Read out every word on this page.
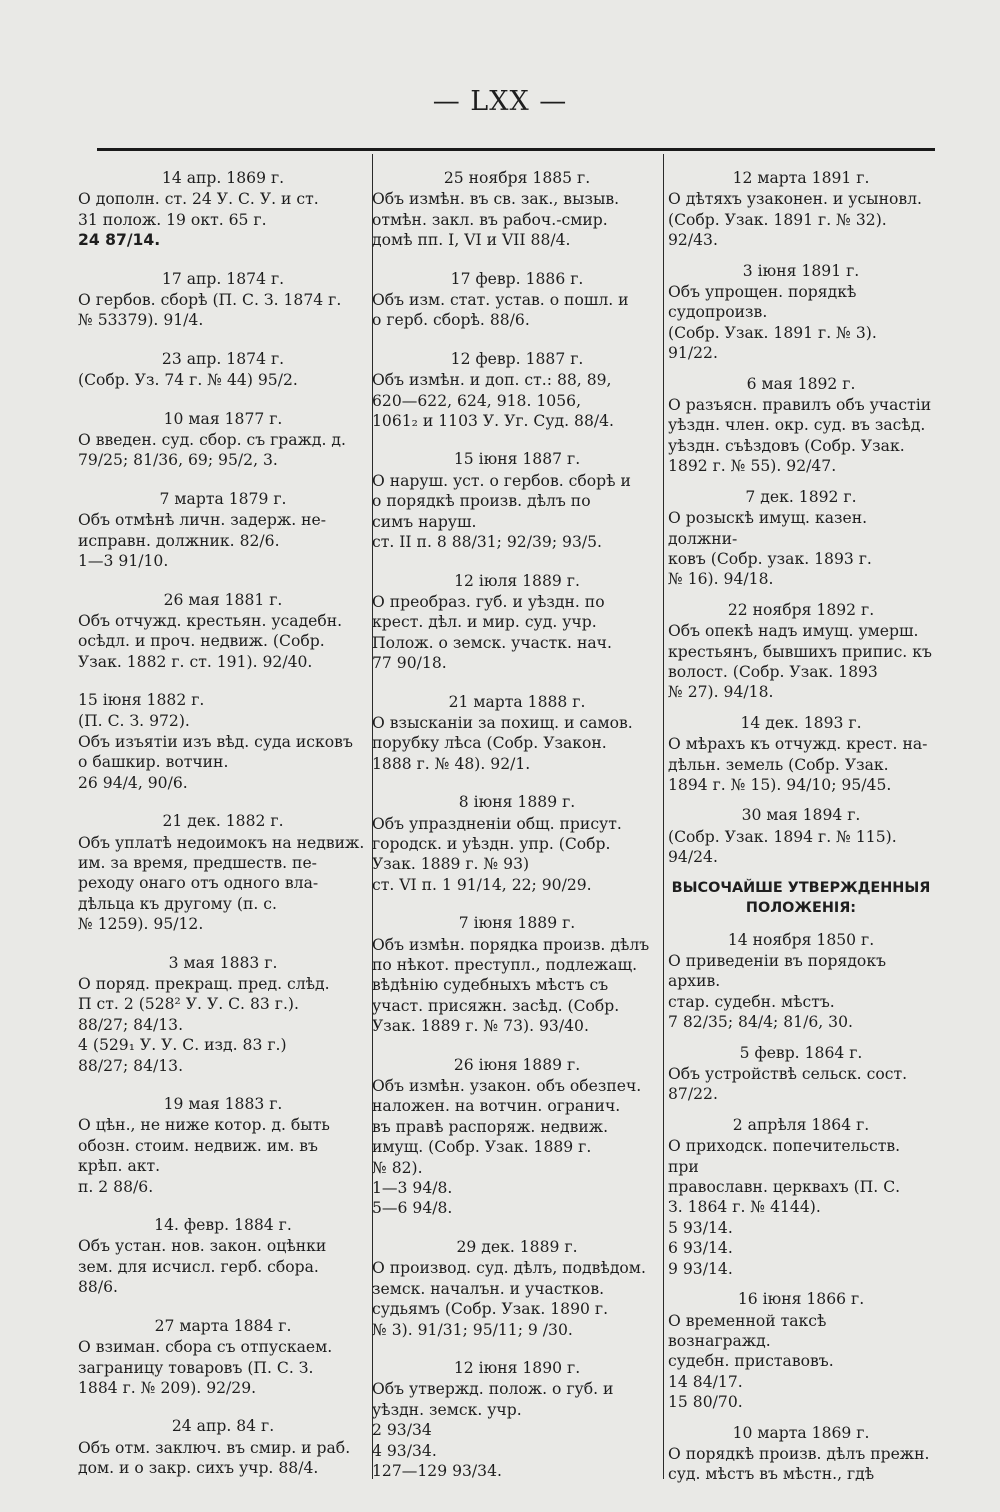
— LXX —
14 апр. 1869 г.
О дополн. ст. 24 У. С. У. и ст.
31 полож. 19 окт. 65 г.
24 87/14.
17 апр. 1874 г.
О гербов. сборѣ (П. С. З. 1874 г.
№ 53379). 91/4.
23 апр. 1874 г.
(Собр. Уз. 74 г. № 44) 95/2.
10 мая 1877 г.
О введен. суд. сбор. съ гражд. д.
79/25; 81/36, 69; 95/2, 3.
7 марта 1879 г.
Объ отмѣнѣ личн. задерж. не-
исправн. должник. 82/6.
1—3 91/10.
26 мая 1881 г.
Объ отчужд. крестьян. усадебн.
осѣдл. и проч. недвиж. (Собр.
Узак. 1882 г. ст. 191). 92/40.
15 іюня 1882 г.
(П. С. З. 972).
Объ изъятіи изъ вѣд. суда исковъ
о башкир. вотчин.
26 94/4, 90/6.
21 дек. 1882 г.
Объ уплатѣ недоимокъ на недвиж.
им. за время, предшеств. пе-
реходу онаго отъ одного вла-
дѣльца къ другому (п. с.
№ 1259). 95/12.
3 мая 1883 г.
О поряд. прекращ. пред. слѣд.
П ст. 2 (528² У. У. С. 83 г.).
88/27; 84/13.
4 (529₁ У. У. С. изд. 83 г.)
88/27; 84/13.
19 мая 1883 г.
О цѣн., не ниже котор. д. быть
обозн. стоим. недвиж. им. въ
крѣп. акт.
п. 2 88/6.
14. февр. 1884 г.
Объ устан. нов. закон. оцѣнки
зем. для исчисл. герб. сбора.
88/6.
27 марта 1884 г.
О взиман. сбора съ отпускаем.
заграницу товаровъ (П. С. З.
1884 г. № 209). 92/29.
24 апр. 84 г.
Объ отм. заключ. въ смир. и раб.
дом. и о закр. сихъ учр. 88/4.
25 ноября 1885 г.
Объ измѣн. въ св. зак., вызыв.
отмѣн. закл. въ рабоч.-смир.
домѣ пп. I, VI и VII 88/4.
17 февр. 1886 г.
Объ изм. стат. устав. о пошл. и
о герб. сборѣ. 88/6.
12 февр. 1887 г.
Объ измѣн. и доп. ст.: 88, 89,
620—622, 624, 918. 1056,
1061₂ и 1103 У. Уг. Суд. 88/4.
15 іюня 1887 г.
О наруш. уст. о гербов. сборѣ и
о порядкѣ произв. дѣлъ по
симъ наруш.
ст. II п. 8 88/31; 92/39; 93/5.
12 іюля 1889 г.
О преобраз. губ. и уѣздн. по
крест. дѣл. и мир. суд. учр.
Полож. о земск. участк. нач.
77 90/18.
21 марта 1888 г.
О взысканіи за похищ. и самов.
порубку лѣса (Собр. Узакон.
1888 г. № 48). 92/1.
8 іюня 1889 г.
Объ упраздненіи общ. присут.
городск. и уѣздн. упр. (Собр.
Узак. 1889 г. № 93)
ст. VI п. 1 91/14, 22; 90/29.
7 іюня 1889 г.
Объ измѣн. порядка произв. дѣлъ
по нѣкот. преступл., подлежащ.
вѣдѣнію судебныхъ мѣстъ съ
участ. присяжн. засѣд. (Собр.
Узак. 1889 г. № 73). 93/40.
26 іюня 1889 г.
Объ измѣн. узакон. объ обезпеч.
наложен. на вотчин. огранич.
въ правѣ распоряж. недвиж.
имущ. (Собр. Узак. 1889 г.
№ 82).
1—3 94/8.
5—6 94/8.
29 дек. 1889 г.
О производ. суд. дѣлъ, подвѣдом.
земск. началън. и участков.
судьямъ (Собр. Узак. 1890 г.
№ 3). 91/31; 95/11; 9 /30.
12 іюня 1890 г.
Объ утвержд. полож. о губ. и
уѣздн. земск. учр.
2 93/34
4 93/34.
127—129 93/34.
12 марта 1891 г.
О дѣтяхъ узаконен. и усыновл.
(Собр. Узак. 1891 г. № 32).
92/43.
3 іюня 1891 г.
Объ упрощен. порядкѣ судопроизв.
(Собр. Узак. 1891 г. № 3).
91/22.
6 мая 1892 г.
О разъясн. правилъ объ участіи
уѣздн. член. окр. суд. въ засѣд.
уѣздн. съѣздовъ (Собр. Узак.
1892 г. № 55). 92/47.
7 дек. 1892 г.
О розыскѣ имущ. казен. должни-
ковъ (Собр. узак. 1893 г.
№ 16). 94/18.
22 ноября 1892 г.
Объ опекѣ надъ имущ. умерш.
крестьянъ, бывшихъ припис. къ
волост. (Собр. Узак. 1893
№ 27). 94/18.
14 дек. 1893 г.
О мѣрахъ къ отчужд. крест. на-
дѣльн. земель (Собр. Узак.
1894 г. № 15). 94/10; 95/45.
30 мая 1894 г.
(Собр. Узак. 1894 г. № 115).
94/24.
ВЫСОЧАЙШЕ УТВЕРЖДЕННЫЯ
ПОЛОЖЕНІЯ:
14 ноября 1850 г.
О приведеніи въ порядокъ архив.
стар. судебн. мѣстъ.
7 82/35; 84/4; 81/6, 30.
5 февр. 1864 г.
Объ устройствѣ сельск. сост.
87/22.
2 апрѣля 1864 г.
О приходск. попечительств. при
православн. церквахъ (П. С.
З. 1864 г. № 4144).
5 93/14.
6 93/14.
9 93/14.
16 іюня 1866 г.
О временной таксѣ вознагражд.
судебн. приставовъ.
14 84/17.
15 80/70.
10 марта 1869 г.
О порядкѣ произв. дѣлъ прежн.
суд. мѣстъ въ мѣстн., гдѣ
